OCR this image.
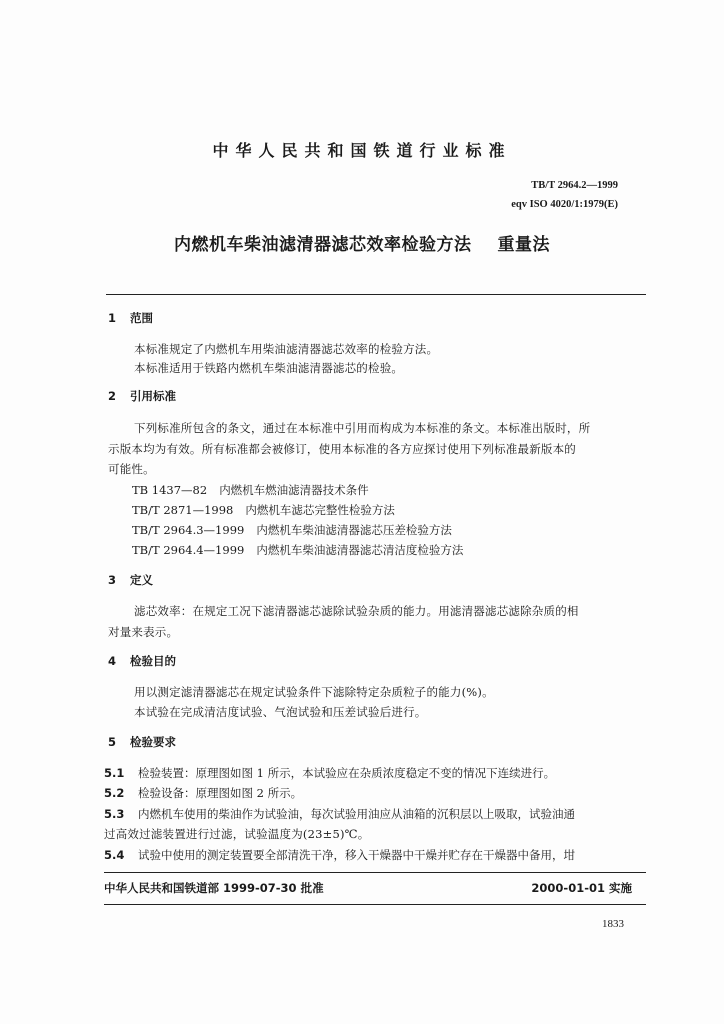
中华人民共和国铁道行业标准
TB/T 2964.2—1999
eqv ISO 4020/1:1979(E)
内燃机车柴油滤清器滤芯效率检验方法 重量法
1 范围
本标准规定了内燃机车用柴油滤清器滤芯效率的检验方法。
本标准适用于铁路内燃机车柴油滤清器滤芯的检验。
2 引用标准
下列标准所包含的条文，通过在本标准中引用而构成为本标准的条文。本标准出版时，所
示版本均为有效。所有标准都会被修订，使用本标准的各方应探讨使用下列标准最新版本的
可能性。
TB 1437—82 内燃机车燃油滤清器技术条件
TB/T 2871—1998 内燃机车滤芯完整性检验方法
TB/T 2964.3—1999 内燃机车柴油滤清器滤芯压差检验方法
TB/T 2964.4—1999 内燃机车柴油滤清器滤芯清洁度检验方法
3 定义
滤芯效率：在规定工况下滤清器滤芯滤除试验杂质的能力。用滤清器滤芯滤除杂质的相
对量来表示。
4 检验目的
用以测定滤清器滤芯在规定试验条件下滤除特定杂质粒子的能力(%)。
本试验在完成清洁度试验、气泡试验和压差试验后进行。
5 检验要求
5.1 检验装置：原理图如图 1 所示，本试验应在杂质浓度稳定不变的情况下连续进行。
5.2 检验设备：原理图如图 2 所示。
5.3 内燃机车使用的柴油作为试验油，每次试验用油应从油箱的沉积层以上吸取，试验油通
过高效过滤装置进行过滤，试验温度为(23±5)℃。
5.4 试验中使用的测定装置要全部清洗干净，移入干燥器中干燥并贮存在干燥器中备用，坩
中华人民共和国铁道部 1999-07-30 批准	2000-01-01 实施
1833
